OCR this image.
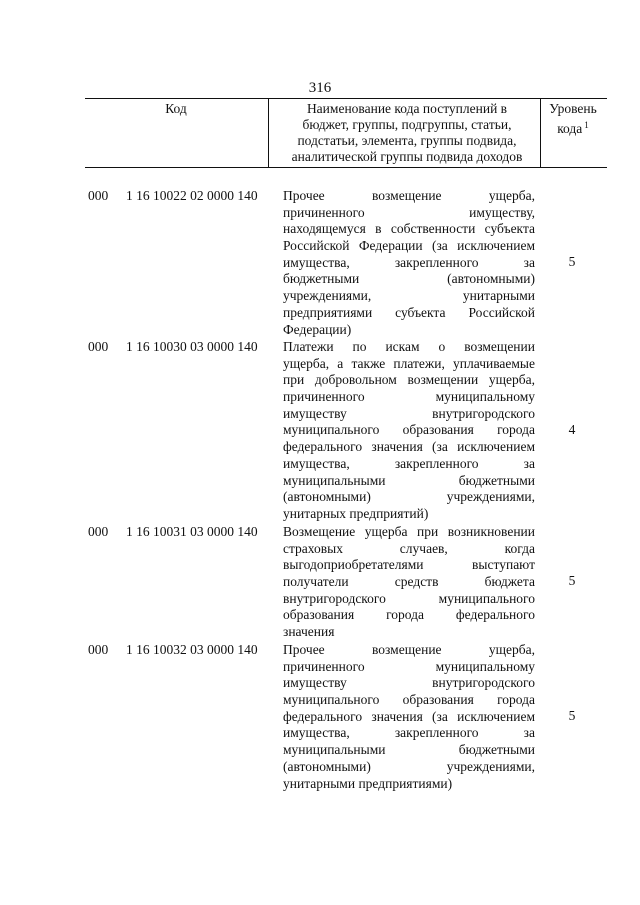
316
Код	Наименование кода поступлений в
бюджет, группы, подгруппы, статьи,
подстатьи, элемента, группы подвида,
аналитической группы подвида доходов
Уровень
кода $^1$
000 1 16 10022 02 0000 140 Прочее возмещение ущерба,
причиненного имуществу,
находящемуся в собственности субъекта
Российской Федерации (за исключением
имущества, закрепленного за
бюджетными (автономными)
учреждениями, унитарными
предприятиями субъекта Российской
Федерации)
5
000 1 16 10030 03 0000 140 Платежи по искам о возмещении
ущерба, а также платежи, уплачиваемые
при добровольном возмещении ущерба,
причиненного муниципальному
имуществу внутригородского
муниципального образования города
федерального значения (за исключением
имущества, закрепленного за
муниципальными бюджетными
(автономными) учреждениями,
унитарных предприятий)
4
000 1 16 10031 03 0000 140 Возмещение ущерба при возникновении
страховых случаев, когда
выгодоприобретателями выступают
получатели средств бюджета
внутригородского муниципального
образования города федерального
значения
5
000 1 16 10032 03 0000 140 Прочее возмещение ущерба,
причиненного муниципальному
имуществу внутригородского
муниципального образования города
федерального значения (за исключением
имущества, закрепленного за
муниципальными бюджетными
(автономными) учреждениями,
унитарными предприятиями)
5
